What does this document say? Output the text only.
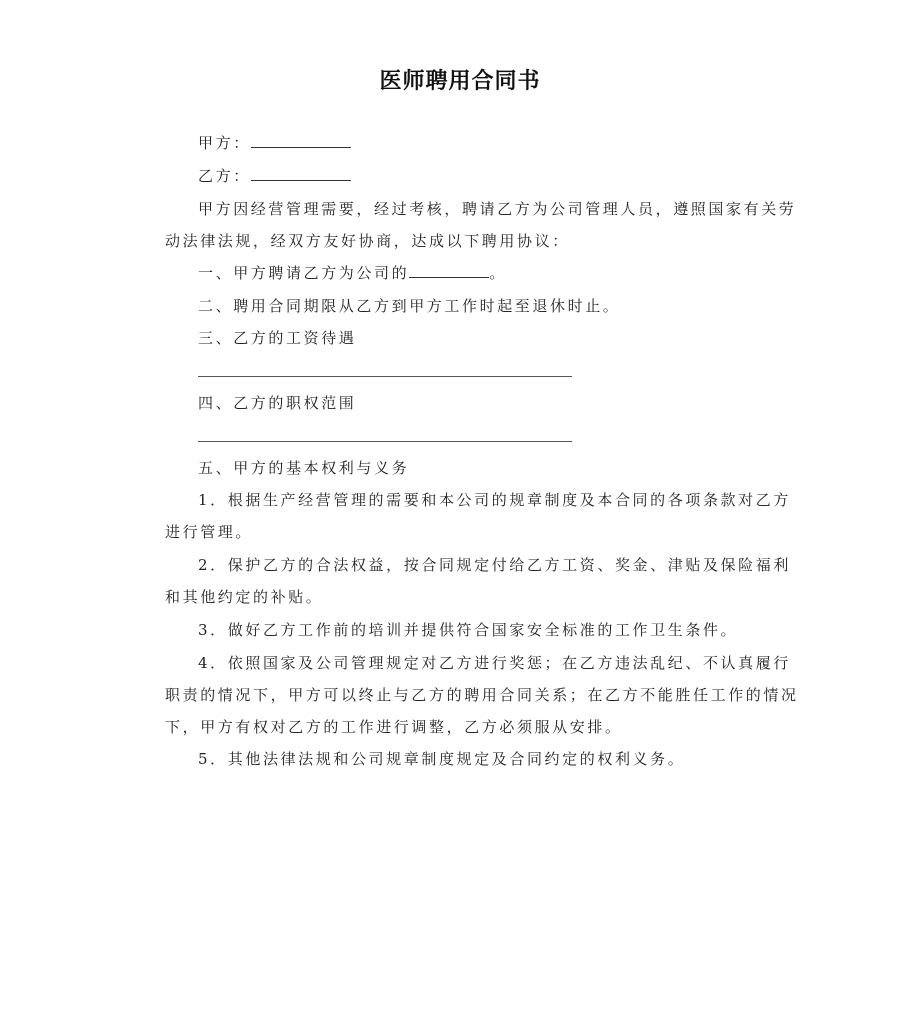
医师聘用合同书
甲方：
乙方：
甲方因经营管理需要，经过考核，聘请乙方为公司管理人员，遵照国家有关劳
动法律法规，经双方友好协商，达成以下聘用协议：
一、甲方聘请乙方为公司的	。
二、聘用合同期限从乙方到甲方工作时起至退休时止。
三、乙方的工资待遇
四、乙方的职权范围
五、甲方的基本权利与义务
1．根据生产经营管理的需要和本公司的规章制度及本合同的各项条款对乙方
进行管理。
2．保护乙方的合法权益，按合同规定付给乙方工资、奖金、津贴及保险福利
和其他约定的补贴。
3．做好乙方工作前的培训并提供符合国家安全标准的工作卫生条件。
4．依照国家及公司管理规定对乙方进行奖惩；在乙方违法乱纪、不认真履行
职责的情况下，甲方可以终止与乙方的聘用合同关系；在乙方不能胜任工作的情况
下，甲方有权对乙方的工作进行调整，乙方必须服从安排。
5．其他法律法规和公司规章制度规定及合同约定的权利义务。
